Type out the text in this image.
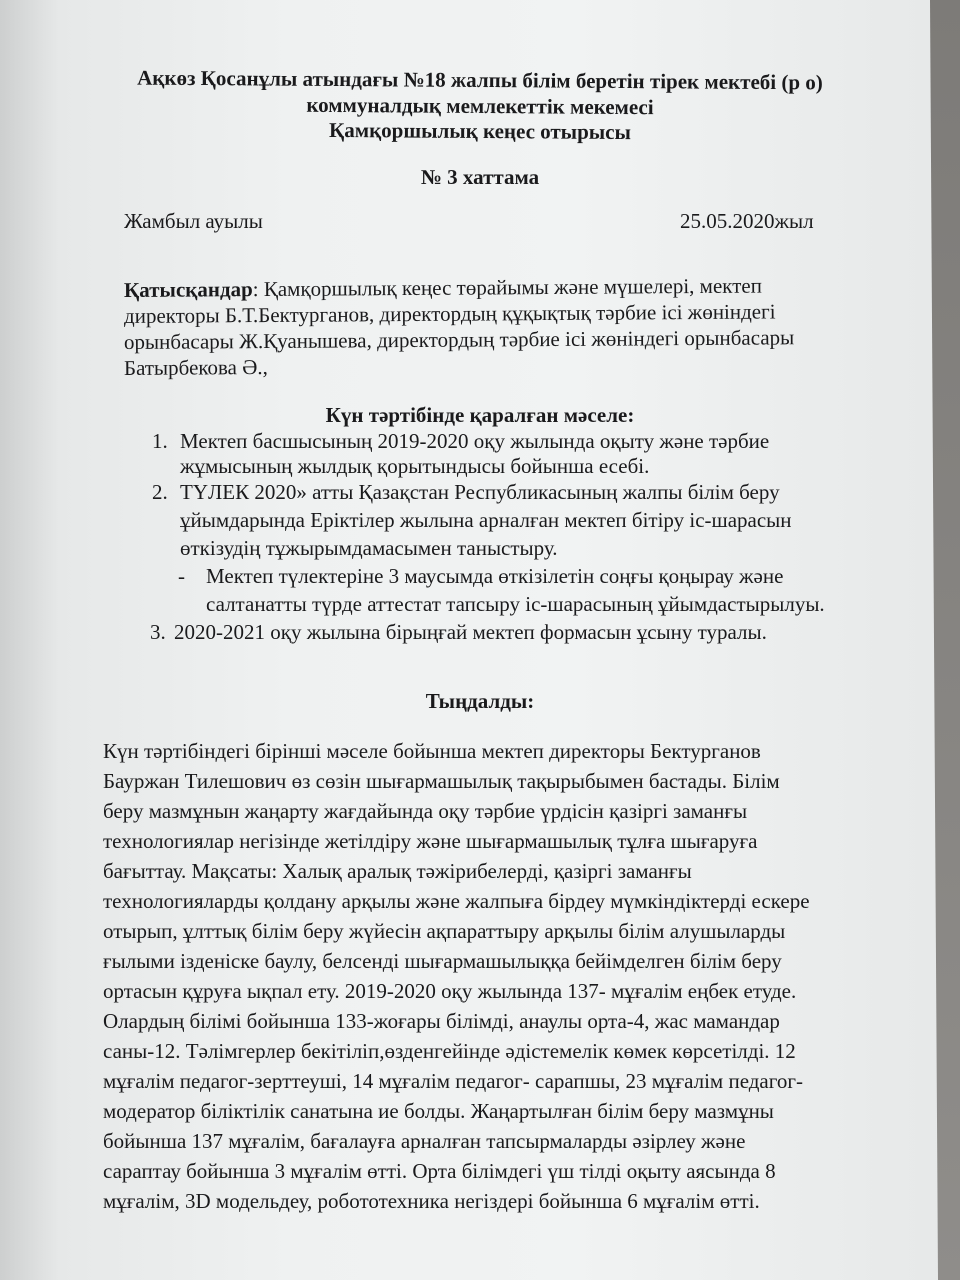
Ақкөз Қосанұлы атындағы №18 жалпы білім беретін тірек мектебі (р о)
коммуналдық мемлекеттік мекемесі
Қамқоршылық кеңес отырысы
№ 3 хаттама
Жамбыл ауылы	25.05.2020жыл
Қатысқандар: Қамқоршылық кеңес төрайымы және мүшелері, мектеп
директоры Б.Т.Бектурганов, директордың құқықтық тәрбие ісі жөніндегі
орынбасары Ж.Қуанышева, директордың тәрбие ісі жөніндегі орынбасары
Батырбекова Ә.,
Күн тәртібінде қаралған мәселе:
1. Мектеп басшысының 2019-2020 оқу жылында оқыту және тәрбие
жұмысының жылдық қорытындысы бойынша есебі.
2. ТҮЛЕК 2020» атты Қазақстан Республикасының жалпы білім беру
ұйымдарында Еріктілер жылына арналған мектеп бітіру іс-шарасын
өткізудің тұжырымдамасымен таныстыру.
- Мектеп түлектеріне 3 маусымда өткізілетін соңғы қоңырау және
салтанатты түрде аттестат тапсыру іс-шарасының ұйымдастырылуы.
3. 2020-2021 оқу жылына бірыңғай мектеп формасын ұсыну туралы.
Тыңдалды:
Күн тәртібіндегі бірінші мәселе бойынша мектеп директоры Бектурганов
Бауржан Тилешович өз сөзін шығармашылық тақырыбымен бастады. Білім
беру мазмұнын жаңарту жағдайында оқу тәрбие үрдісін қазіргі заманғы
технологиялар негізінде жетілдіру және шығармашылық тұлға шығаруға
бағыттау. Мақсаты: Халық аралық тәжірибелерді, қазіргі заманғы
технологияларды қолдану арқылы және жалпыға бірдеу мүмкіндіктерді ескере
отырып, ұлттық білім беру жүйесін ақпараттыру арқылы білім алушыларды
ғылыми ізденіске баулу, белсенді шығармашылыққа бейімделген білім беру
ортасын құруға ықпал ету. 2019-2020 оқу жылында 137- мұғалім еңбек етуде.
Олардың білімі бойынша 133-жоғары білімді, анаулы орта-4, жас мамандар
саны-12. Тәлімгерлер бекітіліп,өзденгейінде әдістемелік көмек көрсетілді. 12
мұғалім педагог-зерттеуші, 14 мұғалім педагог- сарапшы, 23 мұғалім педагог-
модератор біліктілік санатына ие болды. Жаңартылған білім беру мазмұны
бойынша 137 мұғалім, бағалауға арналған тапсырмаларды әзірлеу және
сараптау бойынша 3 мұғалім өтті. Орта білімдегі үш тілді оқыту аясында 8
мұғалім, 3D модельдеу, робототехника негіздері бойынша 6 мұғалім өтті.
